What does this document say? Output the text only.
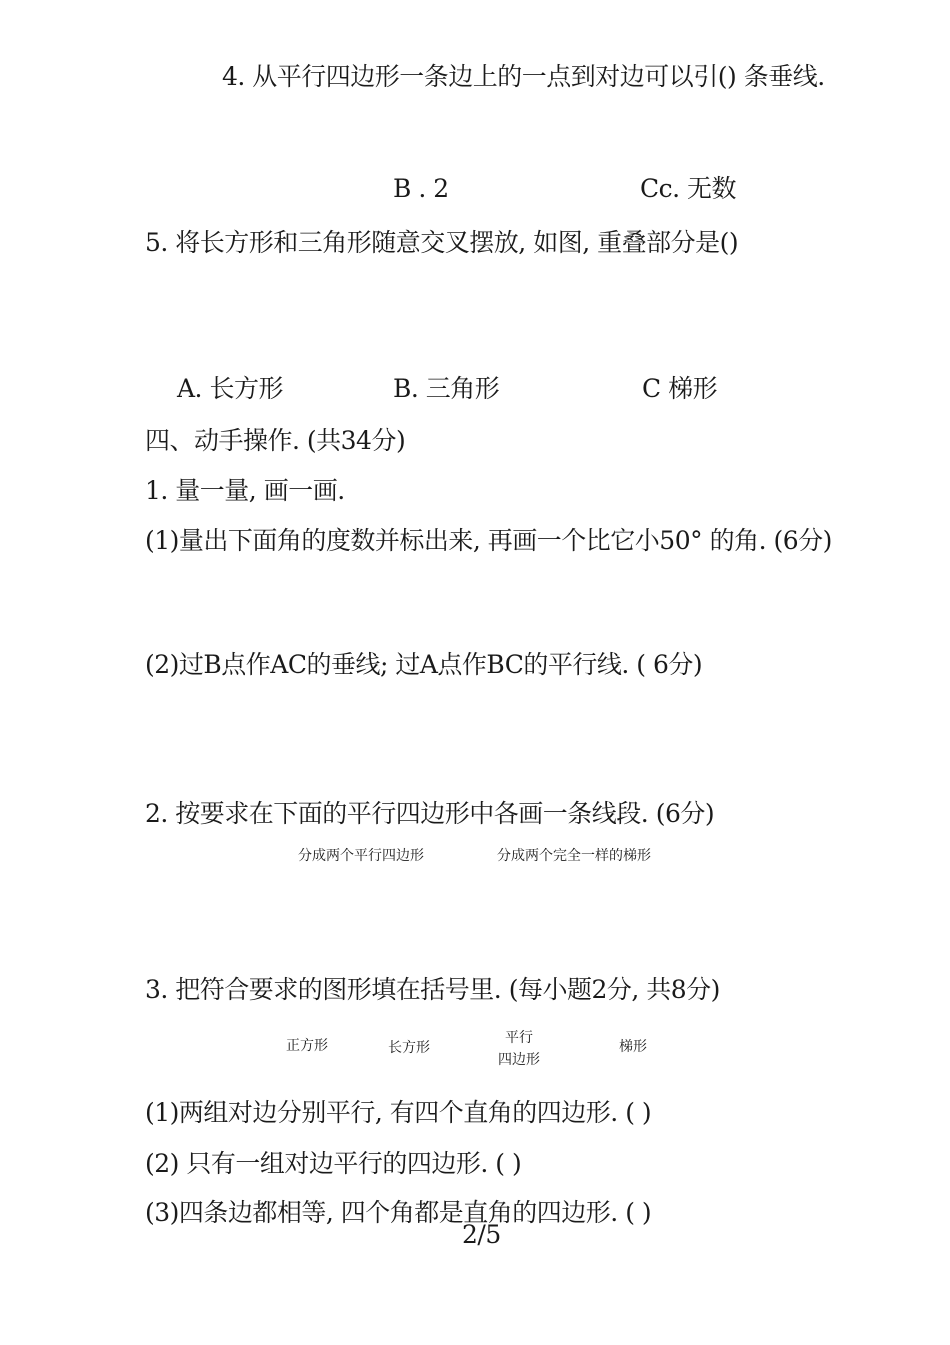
4. 从平行四边形一条边上的一点到对边可以引() 条垂线.
B . 2	Cc. 无数
5. 将长方形和三角形随意交叉摆放, 如图, 重叠部分是()
A. 长方形	B. 三角形	C 梯形
四、动手操作. (共34分)
1. 量一量, 画一画.
(1)量出下面角的度数并标出来, 再画一个比它小50° 的角. (6分)
(2)过B点作AC的垂线; 过A点作BC的平行线. ( 6分)
2. 按要求在下面的平行四边形中各画一条线段. (6分)
分成两个平行四边形	分成两个完全一样的梯形
3. 把符合要求的图形填在括号里. (每小题2分, 共8分)
正方形	长方形
平行
四边形
梯形
(1)两组对边分别平行, 有四个直角的四边形. ( )
(2) 只有一组对边平行的四边形. ( )
(3)四条边都相等, 四个角都是直角的四边形. ( )
2/5
